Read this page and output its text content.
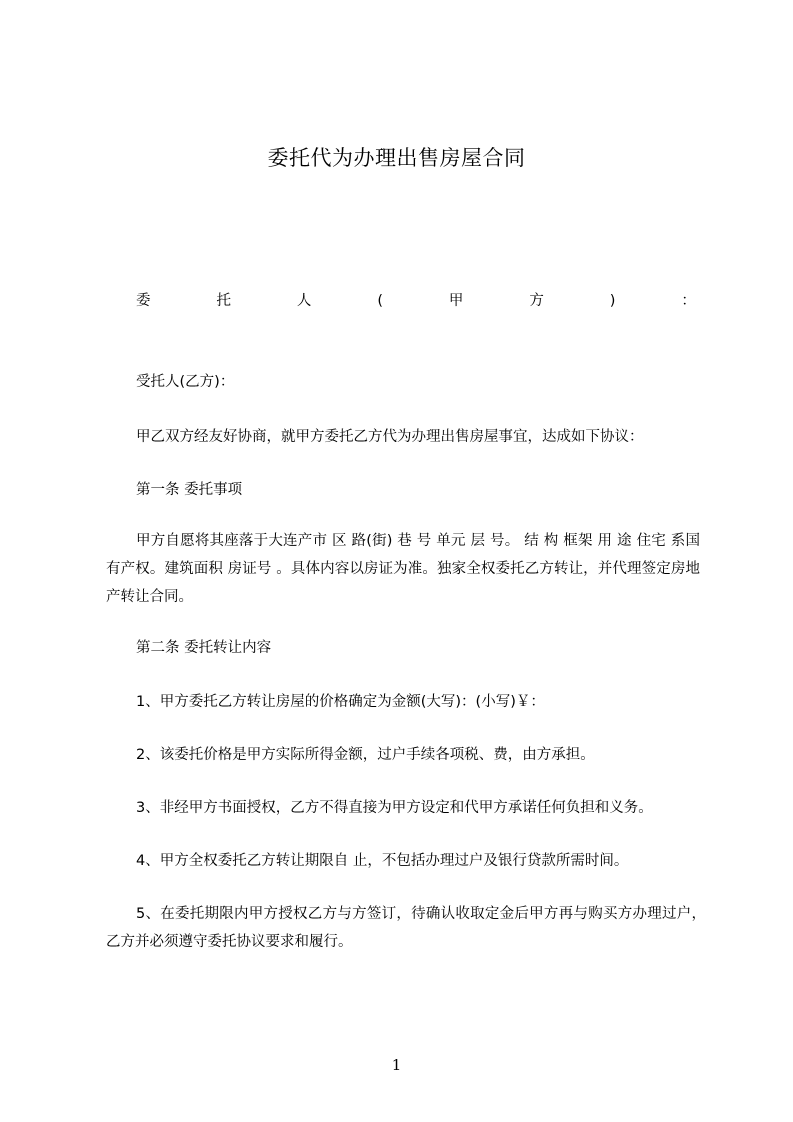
委托代为办理出售房屋合同
委	托	人	(	甲	方	)	：

受托人(乙方)：

甲乙双方经友好协商，就甲方委托乙方代为办理出售房屋事宜，达成如下协议：

第一条 委托事项

甲方自愿将其座落于大连产市 区 路(街) 巷 号 单元 层 号。 结 构 框架 用 途 住宅 系国有产权。建筑面积 房证号 。具体内容以房证为准。独家全权委托乙方转让，并代理签定房地产转让合同。

第二条 委托转让内容

1、甲方委托乙方转让房屋的价格确定为金额(大写)：(小写)￥：

2、该委托价格是甲方实际所得金额，过户手续各项税、费，由方承担。

3、非经甲方书面授权，乙方不得直接为甲方设定和代甲方承诺任何负担和义务。

4、甲方全权委托乙方转让期限自 止，不包括办理过户及银行贷款所需时间。

5、在委托期限内甲方授权乙方与方签订，待确认收取定金后甲方再与购买方办理过户，乙方并必须遵守委托协议要求和履行。

1
